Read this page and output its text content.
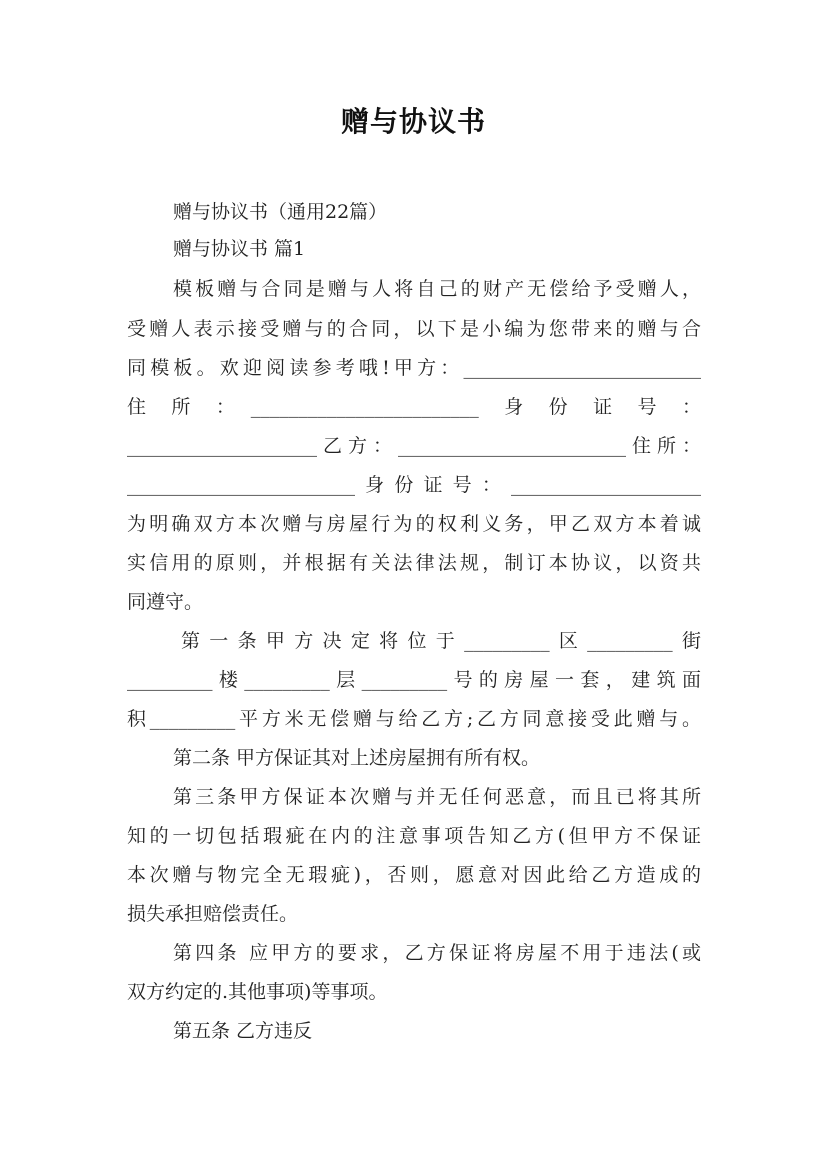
赠与协议书
赠与协议书（通用22篇）
赠与协议书 篇1
模板赠与合同是赠与人将自己的财产无偿给予受赠人，
受赠人表示接受赠与的合同，以下是小编为您带来的赠与合
同模板。欢迎阅读参考哦!甲方：_________________________
住　所　：　________________________　身　份　证　号　：
____________________乙方：________________________住所：
________________________身份证号：____________________
为明确双方本次赠与房屋行为的权利义务，甲乙双方本着诚
实信用的原则，并根据有关法律法规，制订本协议，以资共
同遵守。
第一条甲方决定将位于_________区_________街
_________楼_________层_________号的房屋一套，建筑面
积_________平方米无偿赠与给乙方;乙方同意接受此赠与。
第二条 甲方保证其对上述房屋拥有所有权。
第三条甲方保证本次赠与并无任何恶意，而且已将其所
知的一切包括瑕疵在内的注意事项告知乙方(但甲方不保证
本次赠与物完全无瑕疵)，否则，愿意对因此给乙方造成的
损失承担赔偿责任。
第四条 应甲方的要求，乙方保证将房屋不用于违法(或
双方约定的.其他事项)等事项。
第五条 乙方违反
